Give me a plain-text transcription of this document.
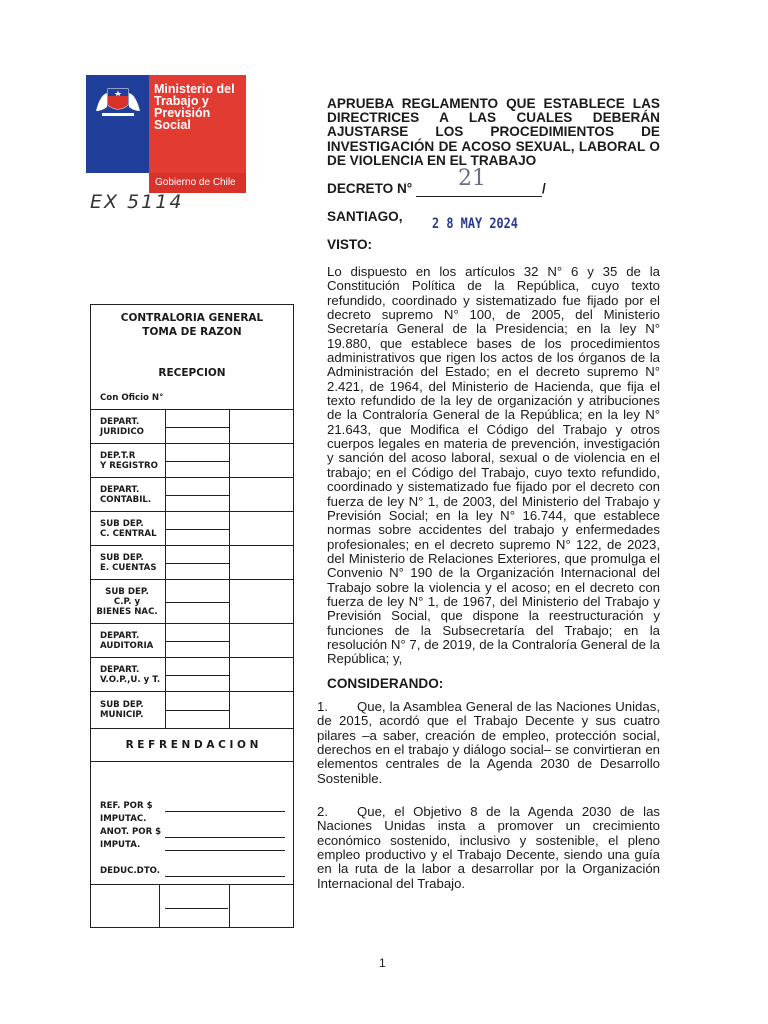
Ministerio del
Trabajo y
Previsión
Social
Gobierno de Chile
EX 5114
APRUEBA REGLAMENTO QUE ESTABLECE LAS DIRECTRICES A LAS CUALES DEBERÁN AJUSTARSE LOS PROCEDIMIENTOS DE INVESTIGACIÓN DE ACOSO SEXUAL, LABORAL O DE VIOLENCIA EN EL TRABAJO
DECRETO N° 21	/
SANTIAGO, 2 8 MAY 2024
VISTO:
Lo dispuesto en los artículos 32 N° 6 y 35 de la Constitución Política de la República, cuyo texto refundido, coordinado y sistematizado fue fijado por el decreto supremo N° 100, de 2005, del Ministerio Secretaría General de la Presidencia; en la ley N° 19.880, que establece bases de los procedimientos administrativos que rigen los actos de los órganos de la Administración del Estado; en el decreto supremo N° 2.421, de 1964, del Ministerio de Hacienda, que fija el texto refundido de la ley de organización y atribuciones de la Contraloría General de la República; en la ley N° 21.643, que Modifica el Código del Trabajo y otros cuerpos legales en materia de prevención, investigación y sanción del acoso laboral, sexual o de violencia en el trabajo; en el Código del Trabajo, cuyo texto refundido, coordinado y sistematizado fue fijado por el decreto con fuerza de ley N° 1, de 2003, del Ministerio del Trabajo y Previsión Social; en la ley N° 16.744, que establece normas sobre accidentes del trabajo y enfermedades profesionales; en el decreto supremo N° 122, de 2023, del Ministerio de Relaciones Exteriores, que promulga el Convenio N° 190 de la Organización Internacional del Trabajo sobre la violencia y el acoso; en el decreto con fuerza de ley N° 1, de 1967, del Ministerio del Trabajo y Previsión Social, que dispone la reestructuración y funciones de la Subsecretaría del Trabajo; en la resolución N° 7, de 2019, de la Contraloría General de la República; y,
CONSIDERANDO:
1. Que, la Asamblea General de las Naciones Unidas, de 2015, acordó que el Trabajo Decente y sus cuatro pilares –a saber, creación de empleo, protección social, derechos en el trabajo y diálogo social– se convirtieran en elementos centrales de la Agenda 2030 de Desarrollo Sostenible.
2. Que, el Objetivo 8 de la Agenda 2030 de las Naciones Unidas insta a promover un crecimiento económico sostenido, inclusivo y sostenible, el pleno empleo productivo y el Trabajo Decente, siendo una guía en la ruta de la labor a desarrollar por la Organización Internacional del Trabajo.
1
CONTRALORIA GENERAL
TOMA DE RAZON
RECEPCION
Con Oficio N°
DEPART.
JURIDICO
DEP.T.R
Y REGISTRO
DEPART.
CONTABIL.
SUB DEP.
C. CENTRAL
SUB DEP.
E. CUENTAS
SUB DEP.
C.P. y
BIENES NAC.
DEPART.
AUDITORIA
DEPART.
V.O.P.,U. y T.
SUB DEP.
MUNICIP.
R E F R E N D A C I O N
REF. POR $
IMPUTAC.
ANOT. POR $
IMPUTA.
DEDUC.DTO.
